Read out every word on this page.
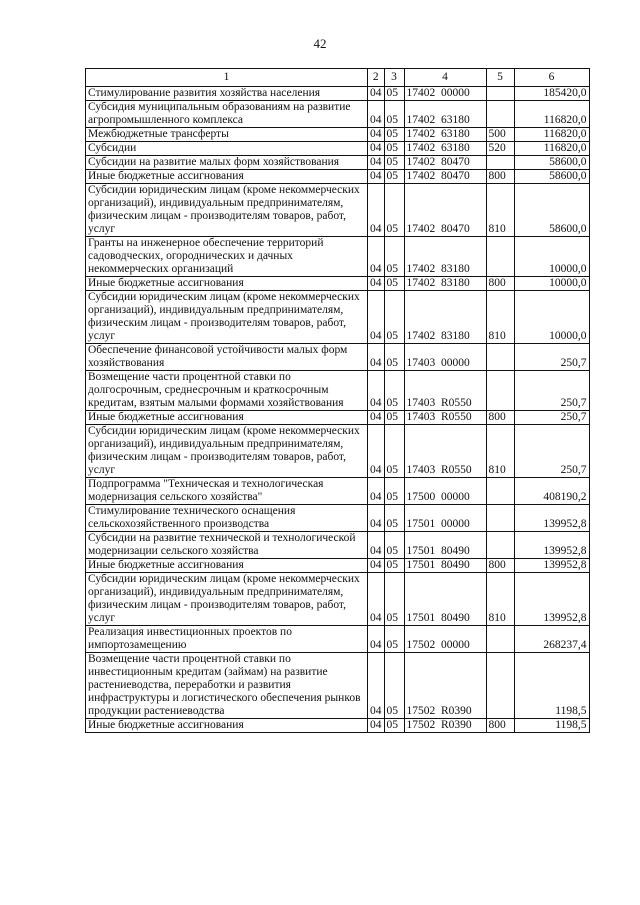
42
1	2	3	4	5	6
Стимулирование развития хозяйства населения	04	05	17402  00000		185420,0
Субсидия муниципальным образованиям на развитие агропромышленного комплекса	04	05	17402  63180		116820,0
Межбюджетные трансферты	04	05	17402  63180	500	116820,0
Субсидии	04	05	17402  63180	520	116820,0
Субсидии на развитие малых форм хозяйствования	04	05	17402  80470		58600,0
Иные бюджетные ассигнования	04	05	17402  80470	800	58600,0
Субсидии юридическим лицам (кроме некоммерческих организаций), индивидуальным предпринимателям, физическим лицам - производителям товаров, работ, услуг	04	05	17402  80470	810	58600,0
Гранты на инженерное обеспечение территорий садоводческих, огороднических и дачных некоммерческих организаций	04	05	17402  83180		10000,0
Иные бюджетные ассигнования	04	05	17402  83180	800	10000,0
Субсидии юридическим лицам (кроме некоммерческих организаций), индивидуальным предпринимателям, физическим лицам - производителям товаров, работ, услуг	04	05	17402  83180	810	10000,0
Обеспечение финансовой устойчивости малых форм хозяйствования	04	05	17403  00000		250,7
Возмещение части процентной ставки по долгосрочным, среднесрочным и краткосрочным кредитам, взятым малыми формами хозяйствования	04	05	17403  R0550		250,7
Иные бюджетные ассигнования	04	05	17403  R0550	800	250,7
Субсидии юридическим лицам (кроме некоммерческих организаций), индивидуальным предпринимателям, физическим лицам - производителям товаров, работ, услуг	04	05	17403  R0550	810	250,7
Подпрограмма "Техническая и технологическая модернизация сельского хозяйства"	04	05	17500  00000		408190,2
Стимулирование технического оснащения сельскохозяйственного производства	04	05	17501  00000		139952,8
Субсидии на развитие технической и технологической модернизации сельского хозяйства	04	05	17501  80490		139952,8
Иные бюджетные ассигнования	04	05	17501  80490	800	139952,8
Субсидии юридическим лицам (кроме некоммерческих организаций), индивидуальным предпринимателям, физическим лицам - производителям товаров, работ, услуг	04	05	17501  80490	810	139952,8
Реализация инвестиционных проектов по импортозамещению	04	05	17502  00000		268237,4
Возмещение части процентной ставки по инвестиционным кредитам (займам) на развитие растениеводства, переработки и развития инфраструктуры и логистического обеспечения рынков продукции растениеводства	04	05	17502  R0390		1198,5
Иные бюджетные ассигнования	04	05	17502  R0390	800	1198,5
